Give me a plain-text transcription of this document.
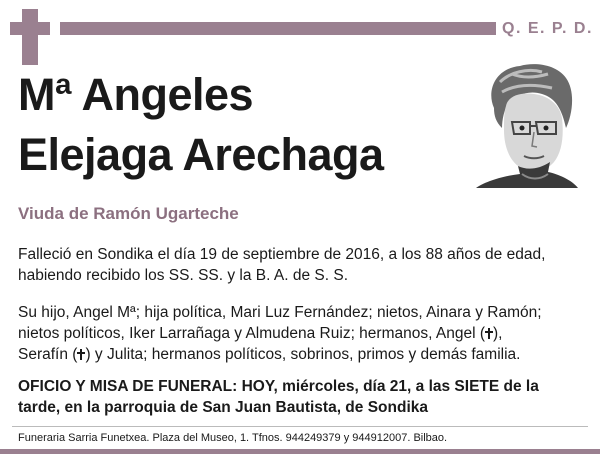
Q. E. P. D.
Mª Angeles
Elejaga Arechaga
Viuda de Ramón Ugarteche
Falleció en Sondika el día 19 de septiembre de 2016, a los 88 años de edad,
habiendo recibido los SS. SS. y la B. A. de S. S.
Su hijo, Angel Mª; hija política, Mari Luz Fernández; nietos, Ainara y Ramón;
nietos políticos, Iker Larrañaga y Almudena Ruiz; hermanos, Angel ( ),
Serafín ( ) y Julita; hermanos políticos, sobrinos, primos y demás familia.
OFICIO Y MISA DE FUNERAL: HOY, miércoles, día 21, a las SIETE de la
tarde, en la parroquia de San Juan Bautista, de Sondika
Funeraria Sarria Funetxea. Plaza del Museo, 1. Tfnos. 944249379 y 944912007. Bilbao.
